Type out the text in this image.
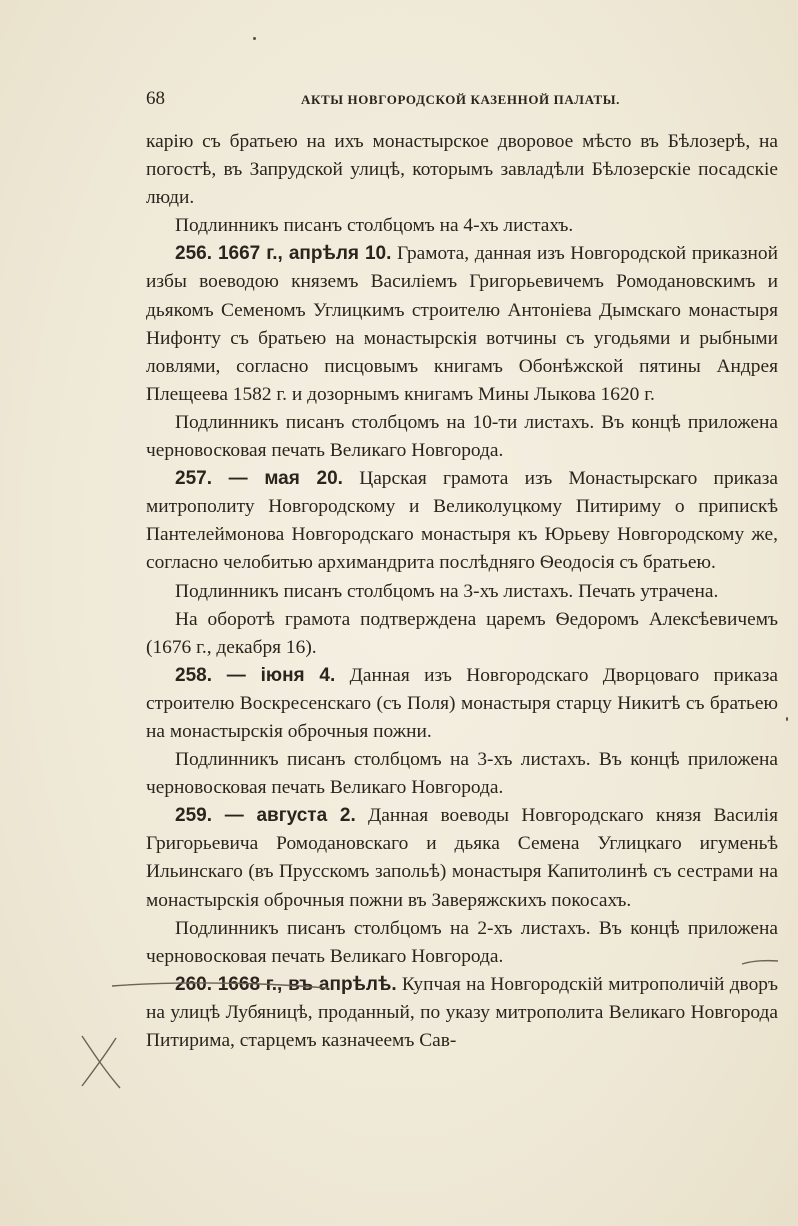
68	АКТЫ НОВГОРОДСКОЙ КАЗЕННОЙ ПАЛАТЫ.

карію съ братьею на ихъ монастырское дворовое мѣсто въ Бѣлозерѣ, на погостѣ, въ Запрудской улицѣ, которымъ завладѣли Бѣлозерскіе посадскіе люди.

Подлинникъ писанъ столбцомъ на 4-хъ листахъ.

256. 1667 г., апрѣля 10. Грамота, данная изъ Новгородской приказной избы воеводою княземъ Василіемъ Григорьевичемъ Ромодановскимъ и дьякомъ Семеномъ Углицкимъ строителю Антоніева Дымскаго монастыря Нифонту съ братьею на монастырскія вотчины съ угодьями и рыбными ловлями, согласно писцовымъ книгамъ Обонѣжской пятины Андрея Плещеева 1582 г. и дозорнымъ книгамъ Мины Лыкова 1620 г.

Подлинникъ писанъ столбцомъ на 10-ти листахъ. Въ концѣ приложена черновосковая печать Великаго Новгорода.

257. — мая 20. Царская грамота изъ Монастырскаго приказа митрополиту Новгородскому и Великолуцкому Питириму о припискѣ Пантелеймонова Новгородскаго монастыря къ Юрьеву Новгородскому же, согласно челобитью архимандрита послѣдняго Ѳеодосія съ братьею.

Подлинникъ писанъ столбцомъ на 3-хъ листахъ. Печать утрачена.

На оборотѣ грамота подтверждена царемъ Ѳедоромъ Алексѣевичемъ (1676 г., декабря 16).

258. — іюня 4. Данная изъ Новгородскаго Дворцоваго приказа строителю Воскресенскаго (съ Поля) монастыря старцу Никитѣ съ братьею на монастырскія оброчныя пожни.

Подлинникъ писанъ столбцомъ на 3-хъ листахъ. Въ концѣ приложена черновосковая печать Великаго Новгорода.

259. — августа 2. Данная воеводы Новгородскаго князя Василія Григорьевича Ромодановскаго и дьяка Семена Углицкаго игуменьѣ Ильинскаго (въ Прусскомъ запольѣ) монастыря Капитолинѣ съ сестрами на монастырскія оброчныя пожни въ Заверяжскихъ покосахъ.

Подлинникъ писанъ столбцомъ на 2-хъ листахъ. Въ концѣ приложена черновосковая печать Великаго Новгорода.

260. 1668 г., въ апрѣлѣ. Купчая на Новгородскій митрополичій дворъ на улицѣ Лубяницѣ, проданный, по указу митрополита Великаго Новгорода Питирима, старцемъ казначеемъ Сав-
